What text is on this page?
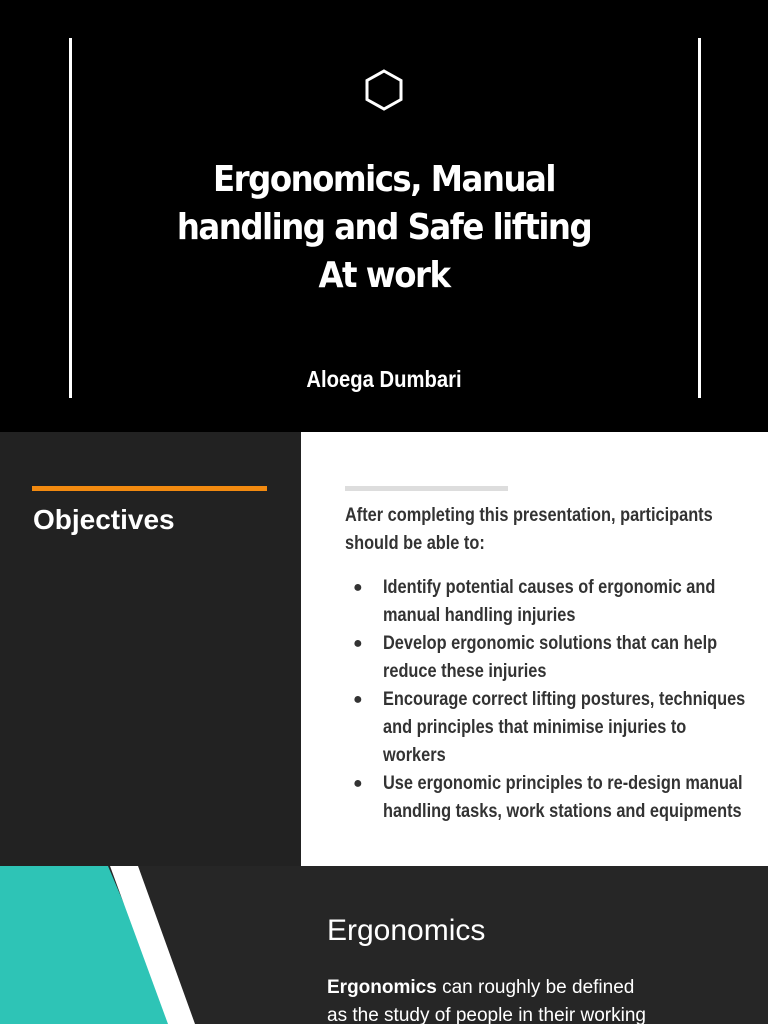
Ergonomics, Manual
handling and Safe lifting
At work
Aloega Dumbari
Objectives	After completing this presentation, participants
should be able to:
● Identify potential causes of ergonomic and manual handling injuries
● Develop ergonomic solutions that can help reduce these injuries
● Encourage correct lifting postures, techniques and principles that minimise injuries to workers
● Use ergonomic principles to re-design manual handling tasks, work stations and equipments
Ergonomics
Ergonomics can roughly be defined
as the study of people in their working
